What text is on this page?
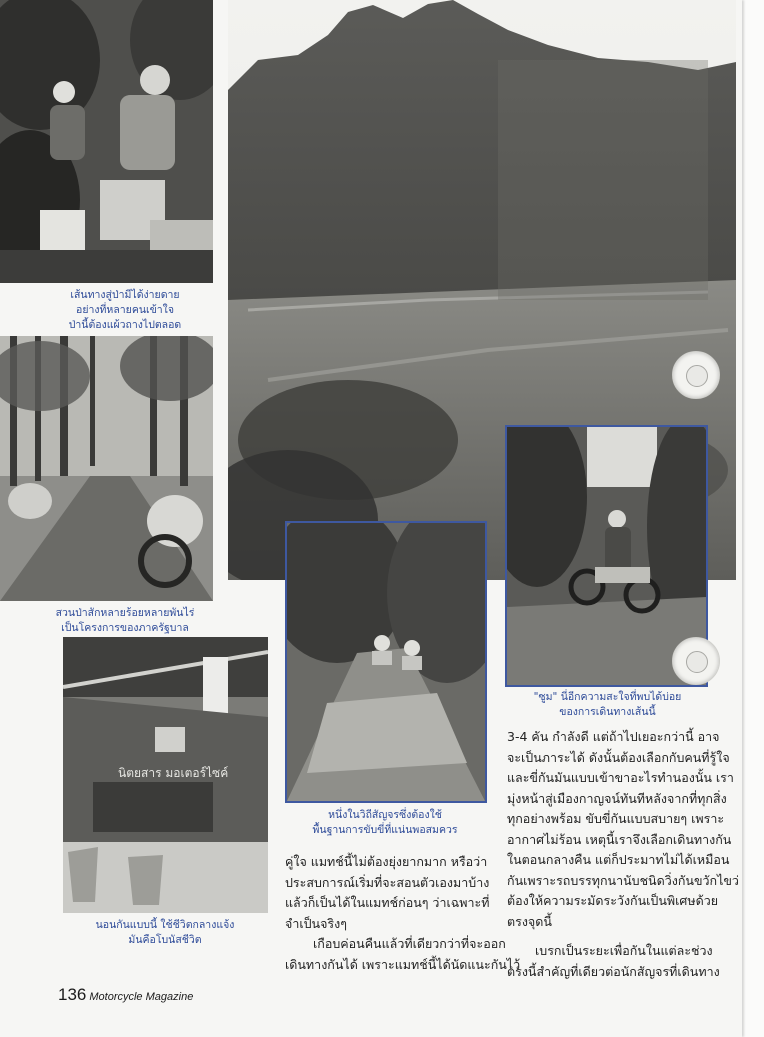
เส้นทางสู่ป่ามีได้ง่ายดาย
อย่างที่หลายคนเข้าใจ
ป่านี้ต้องแผ้วถางไปตลอด
สวนป่าสักหลายร้อยหลายพันไร่
เป็นโครงการของภาครัฐบาล
นิตยสาร มอเตอร์ไซค์
นอนกันแบบนี้ ใช้ชีวิตกลางแจ้ง
มันคือโบนัสชีวิต
หนึ่งในวิถีสัญจรซึ่งต้องใช้
พื้นฐานการขับขี่ที่แน่นพอสมควร
"ซูม" นี่อีกความสะใจที่พบได้บ่อย
ของการเดินทางเส้นนี้
3-4 คัน กำลังดี แต่ถ้าไปเยอะกว่านี้ อาจ
จะเป็นภาระได้ ดังนั้นต้องเลือกกับคนที่รู้ใจ
และขี่กันมันแบบเข้าขาอะไรทำนองนั้น เรา
มุ่งหน้าสู่เมืองกาญจน์ทันทีหลังจากที่ทุกสิ่ง
ทุกอย่างพร้อม ขับขี่กันแบบสบายๆ เพราะ
อากาศไม่ร้อน เหตุนี้เราจึงเลือกเดินทางกัน
ในตอนกลางคืน แต่ก็ประมาทไม่ได้เหมือน
กันเพราะรถบรรทุกนานับชนิดวิ่งกันขวักไขว่
ต้องให้ความระมัดระวังกันเป็นพิเศษด้วย
ตรงจุดนี้
เบรกเป็นระยะเพื่อกันในแต่ละช่วง
ตรงนี้สำคัญที่เดียวต่อนักสัญจรที่เดินทาง
คู่ใจ แมทช์นี้ไม่ต้องยุ่งยากมาก หรือว่า
ประสบการณ์เริ่มที่จะสอนตัวเองมาบ้าง
แล้วก็เป็นได้ในแมทช์ก่อนๆ ว่าเฉพาะที่
จำเป็นจริงๆ
เกือบค่อนคืนแล้วที่เดียวกว่าที่จะออก
เดินทางกันได้ เพราะแมทช์นี้ได้นัดแนะกันไว้
136 Motorcycle Magazine
